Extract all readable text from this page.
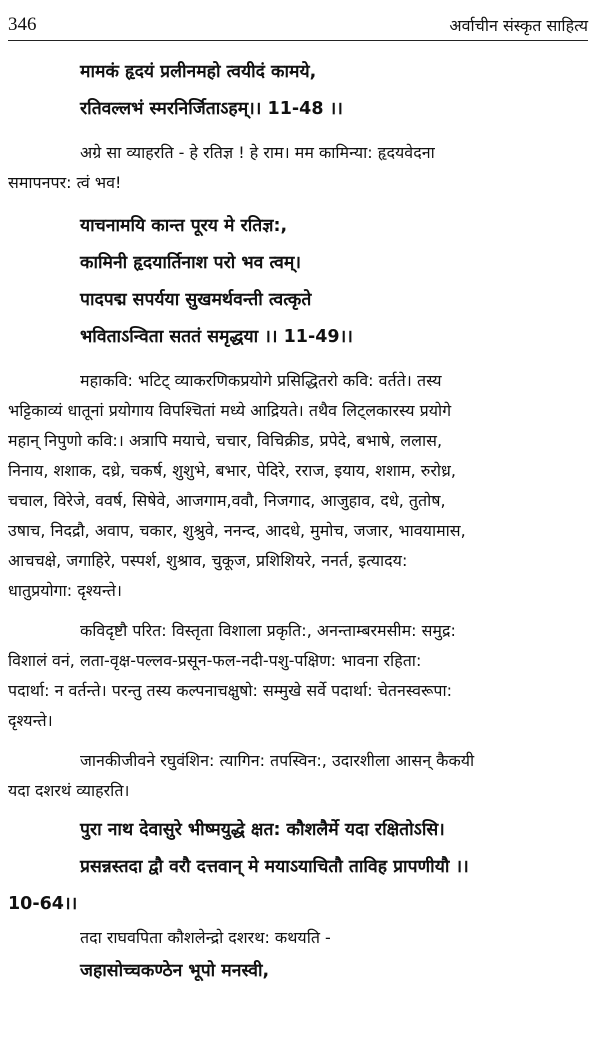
346	अर्वाचीन संस्कृत साहित्य
मामकं हृदयं प्रलीनमहो त्वयीदं कामये,
रतिवल्लभं स्मरनिर्जिताऽहम्।। 11-48 ।।
अग्रे सा व्याहरति - हे रतिज्ञ ! हे राम। मम कामिन्या: हृदयवेदना
समापनपर: त्वं भव!
याचनामयि कान्त पूरय मे रतिज्ञ:,
कामिनी हृदयार्तिनाश परो भव त्वम्।
पादपद्म सपर्यया सुखमर्थवन्ती त्वत्कृते
भविताऽन्विता सततं समृद्धया ।। 11-49।।
महाकवि: भटिट् व्याकरणिकप्रयोगे प्रसिद्धितरो कवि: वर्तते। तस्य
भट्टिकाव्यं धातूनां प्रयोगाय विपश्चितां मध्ये आद्रियते। तथैव लिट्लकारस्य प्रयोगे
महान् निपुणो कवि:। अत्रापि मयाचे, चचार, विचिक्रीड, प्रपेदे, बभाषे, ललास,
निनाय, शशाक, दध्रे, चकर्ष, शुशुभे, बभार, पेदिरे, रराज, इयाय, शशाम, रुरोध्र,
चचाल, विरेजे, ववर्ष, सिषेवे, आजगाम,ववौ, निजगाद, आजुहाव, दधे, तुतोष,
उषाच, निदद्रौ, अवाप, चकार, शुश्रुवे, ननन्द, आदधे, मुमोच, जजार, भावयामास,
आचचक्षे, जगाहिरे, पस्पर्श, शुश्राव, चुकूज, प्रशिशियरे, ननर्त, इत्यादय:
धातुप्रयोगा: दृश्यन्ते।
कविदृष्टौ परित: विस्तृता विशाला प्रकृति:, अनन्ताम्बरमसीम: समुद्र:
विशालं वनं, लता-वृक्ष-पल्लव-प्रसून-फल-नदी-पशु-पक्षिण: भावना रहिता:
पदार्था: न वर्तन्ते। परन्तु तस्य कल्पनाचक्षुषो: सम्मुखे सर्वे पदार्था: चेतनस्वरूपा:
दृश्यन्ते।
जानकीजीवने रघुवंशिन: त्यागिन: तपस्विन:, उदारशीला आसन् कैकयी
यदा दशरथं व्याहरति।
पुरा नाथ देवासुरे भीष्मयुद्धे क्षत: कौशलैर्मे यदा रक्षितोऽसि।
प्रसन्नस्तदा द्वौ वरौ दत्तवान् मे मयाऽयाचितौ ताविह प्रापणीयौ ।।
10-64।।
तदा राघवपिता कौशलेन्द्रो दशरथ: कथयति -
जहासोच्चकण्ठेन भूपो मनस्वी,
